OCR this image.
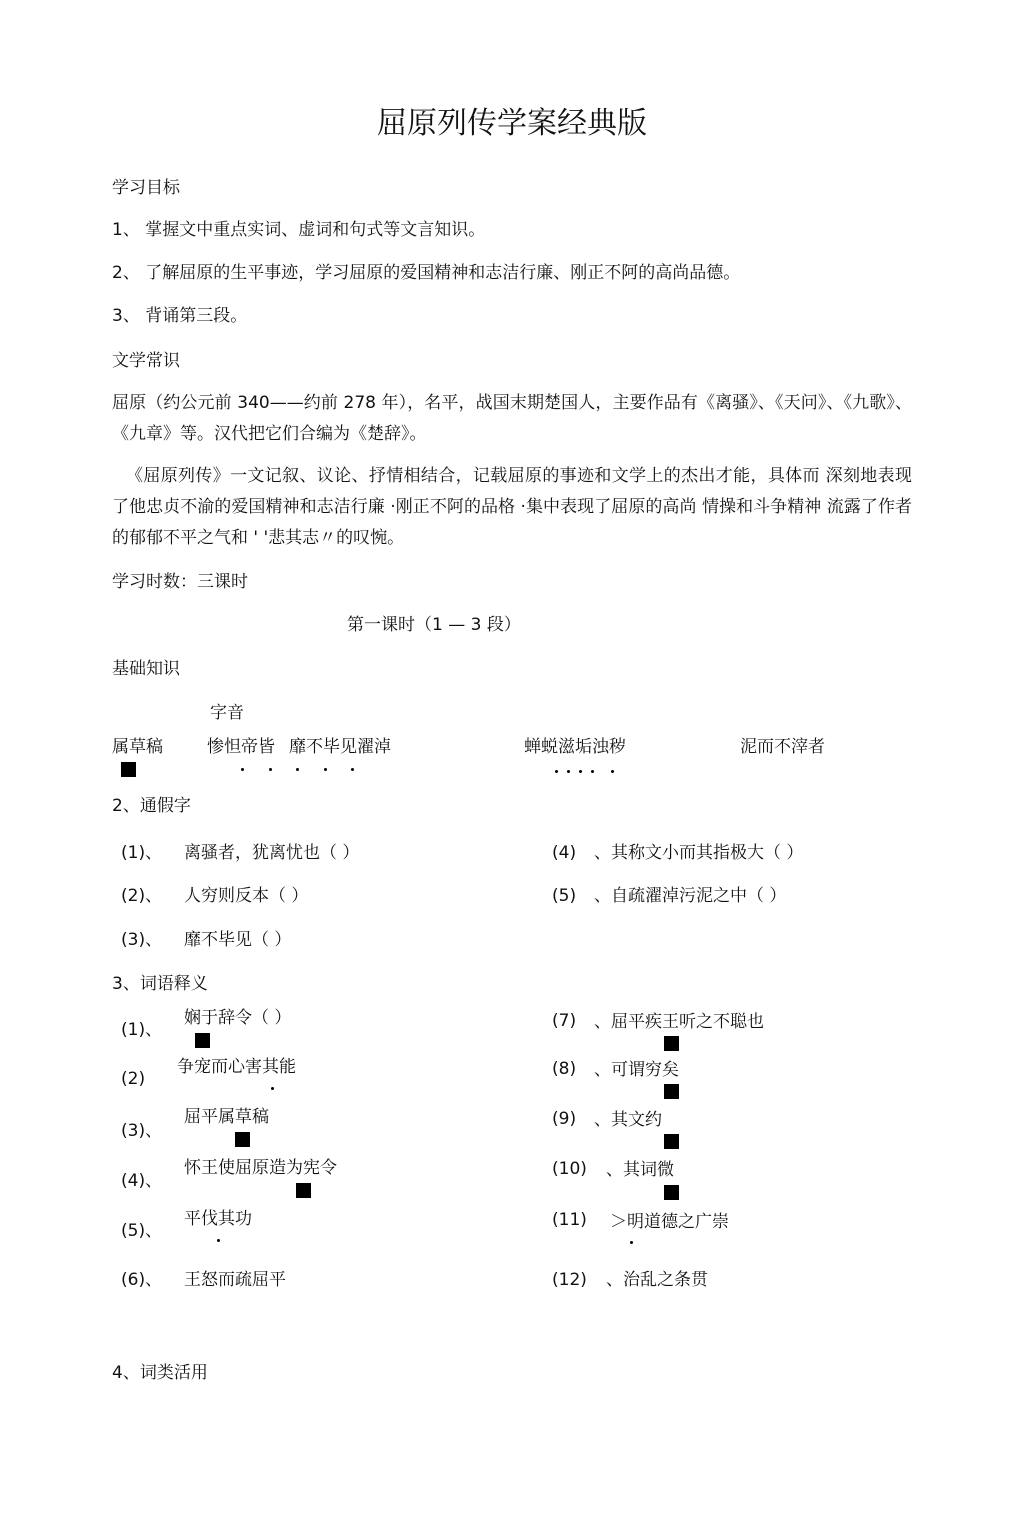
屈原列传学案经典版
学习目标
1、 掌握文中重点实词、虚词和句式等文言知识。
2、 了解屈原的生平事迹，学习屈原的爱国精神和志洁行廉、刚正不阿的高尚品德。
3、 背诵第三段。
文学常识
屈原（约公元前 340——约前 278 年），名平，战国末期楚国人，主要作品有《离骚》、《天问》、《九歌》、《九章》等。汉代把它们合编为《楚辞》。
《屈原列传》一文记叙、议论、抒情相结合，记载屈原的事迹和文学上的杰出才能，具体而 深刻地表现了他忠贞不渝的爱国精神和志洁行廉 ·刚正不阿的品格 ·集中表现了屈原的高尚 情操和斗争精神 流露了作者的郁郁不平之气和 ' '悲其志〃的叹惋。
学习时数：三课时
第一课时（1 — 3 段）
基础知识
字音
属草稿	惨怛帝皆 靡不毕见濯淖	蝉蜕滋垢浊秽	泥而不滓者
2、通假字
(1)、 离骚者，犹离忧也（ ）
(2)、 人穷则反本（ ）
(3)、 靡不毕见（ ）
(4) 、其称文小而其指极大（ ）
(5) 、自疏濯淖污泥之中（ ）
3、词语释义
(1)、
娴于辞令（ ）
(2)
争宠而心害其能
(3)、
屈平属草稿
(4)、
怀王使屈原造为宪令
(5)、
平伐其功
(6)、 王怒而疏屈平
(7) 、屈平疾王听之不聪也
(8) 、可谓穷矣
(9) 、其文约
(10) 、其词微
(11) ＞明道德之广崇
(12) 、治乱之条贯
4、词类活用
